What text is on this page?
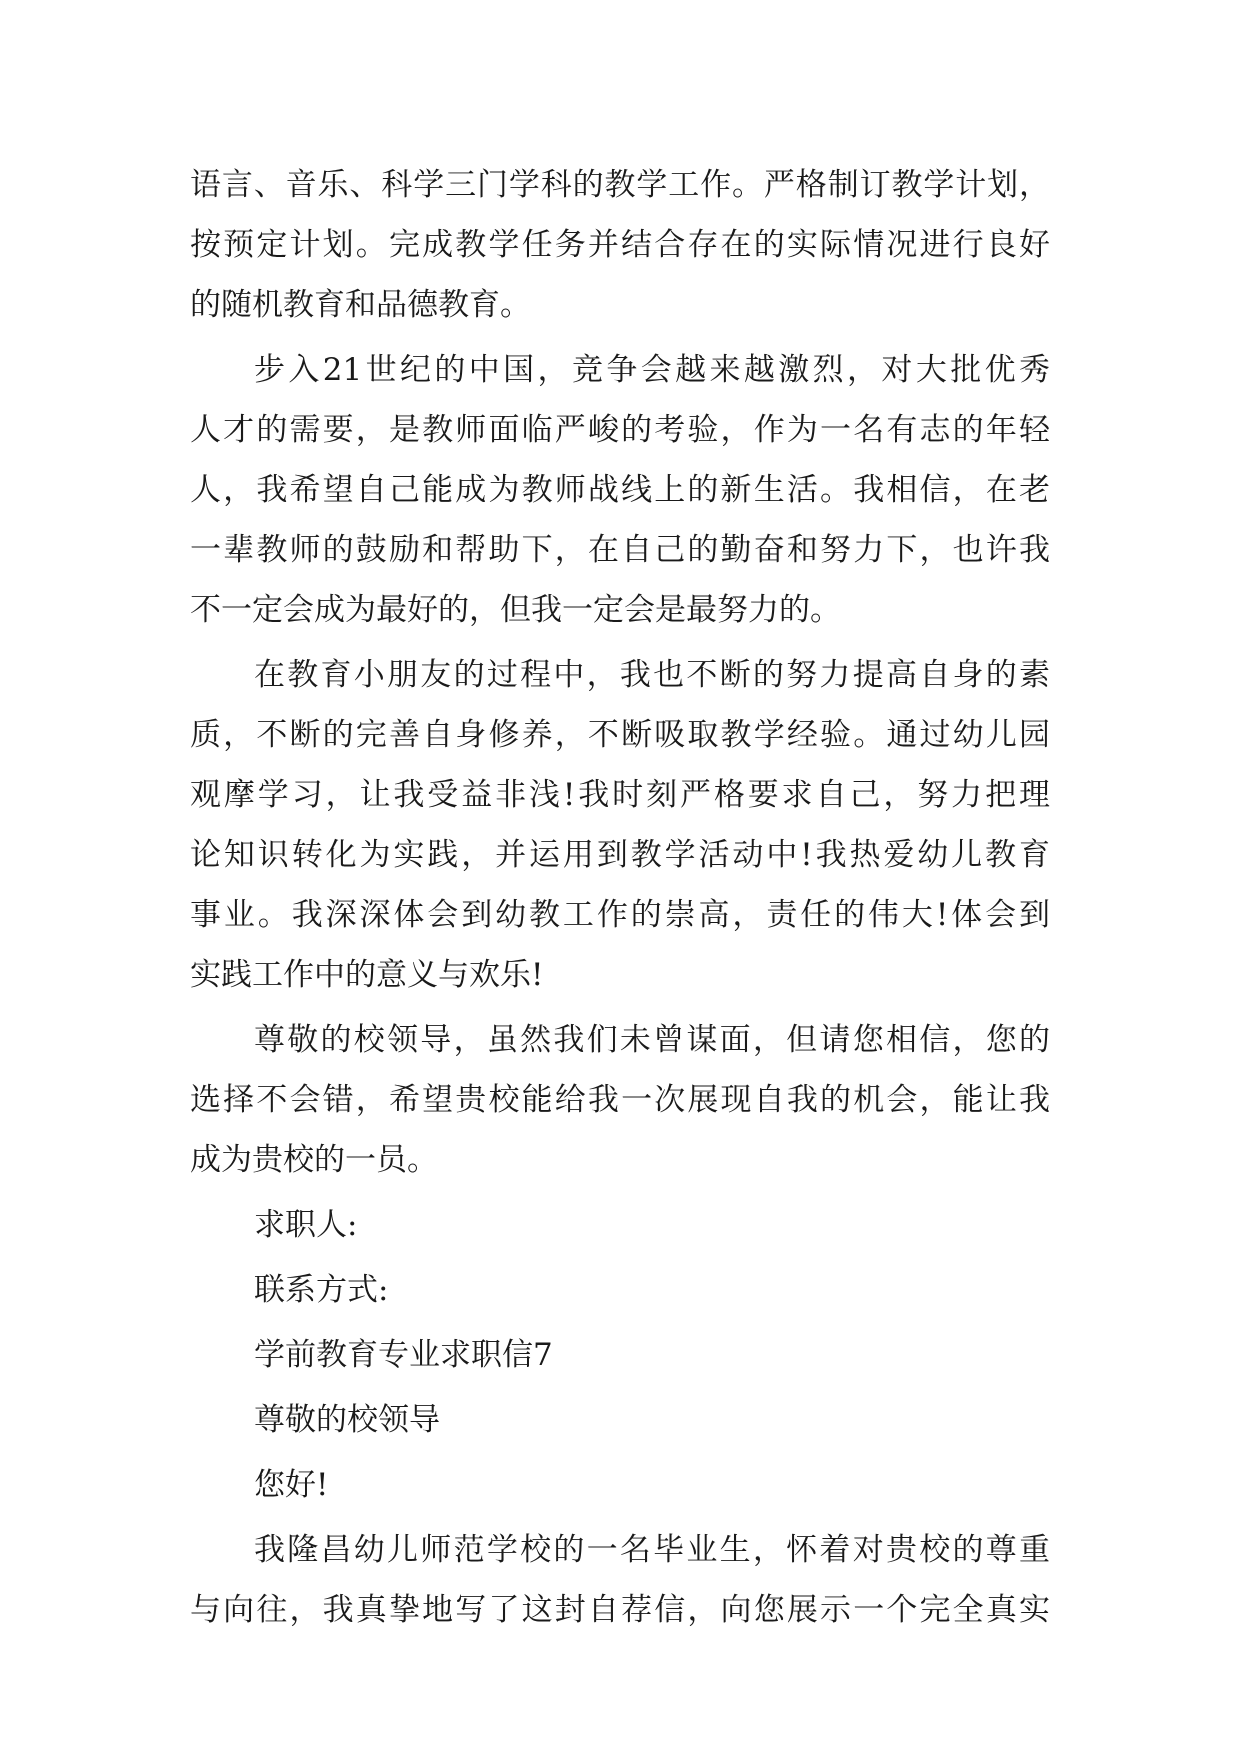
语言、音乐、科学三门学科的教学工作。严格制订教学计划，
按预定计划。完成教学任务并结合存在的实际情况进行良好
的随机教育和品德教育。
步入21世纪的中国，竞争会越来越激烈，对大批优秀
人才的需要，是教师面临严峻的考验，作为一名有志的年轻
人，我希望自己能成为教师战线上的新生活。我相信，在老
一辈教师的鼓励和帮助下，在自己的勤奋和努力下，也许我
不一定会成为最好的，但我一定会是最努力的。
在教育小朋友的过程中，我也不断的努力提高自身的素
质，不断的完善自身修养，不断吸取教学经验。通过幼儿园
观摩学习，让我受益非浅!我时刻严格要求自己，努力把理
论知识转化为实践，并运用到教学活动中!我热爱幼儿教育
事业。我深深体会到幼教工作的崇高，责任的伟大!体会到
实践工作中的意义与欢乐!
尊敬的校领导，虽然我们未曾谋面，但请您相信，您的
选择不会错，希望贵校能给我一次展现自我的机会，能让我
成为贵校的一员。
求职人:
联系方式:
学前教育专业求职信7
尊敬的校领导
您好!
我隆昌幼儿师范学校的一名毕业生，怀着对贵校的尊重
与向往，我真挚地写了这封自荐信，向您展示一个完全真实
